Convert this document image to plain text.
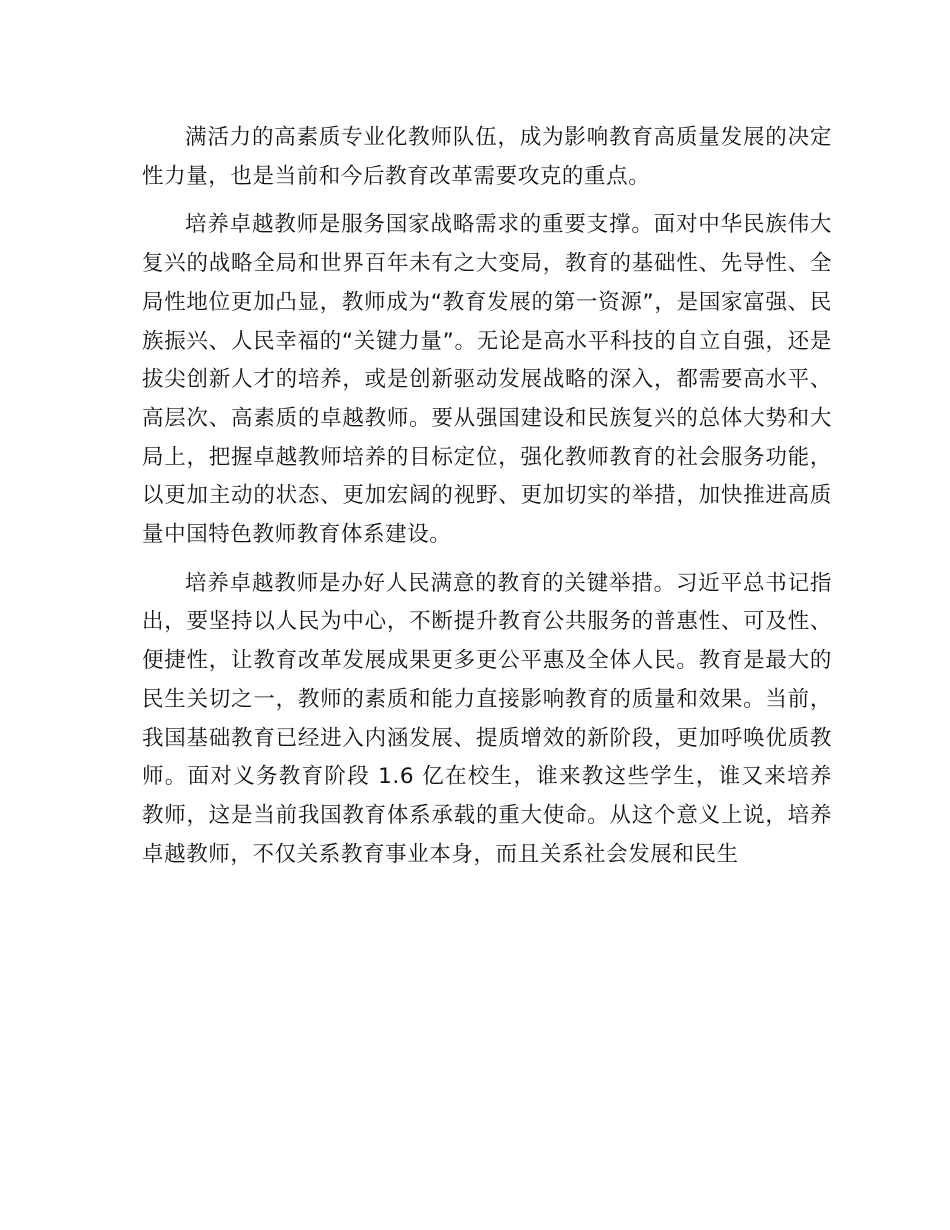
满活力的高素质专业化教师队伍，成为影响教育高质量发展的决定性力量，也是当前和今后教育改革需要攻克的重点。

培养卓越教师是服务国家战略需求的重要支撑。面对中华民族伟大复兴的战略全局和世界百年未有之大变局，教育的基础性、先导性、全局性地位更加凸显，教师成为“教育发展的第一资源”，是国家富强、民族振兴、人民幸福的“关键力量”。无论是高水平科技的自立自强，还是拔尖创新人才的培养，或是创新驱动发展战略的深入，都需要高水平、高层次、高素质的卓越教师。要从强国建设和民族复兴的总体大势和大局上，把握卓越教师培养的目标定位，强化教师教育的社会服务功能，以更加主动的状态、更加宏阔的视野、更加切实的举措，加快推进高质量中国特色教师教育体系建设。

培养卓越教师是办好人民满意的教育的关键举措。习近平总书记指出，要坚持以人民为中心，不断提升教育公共服务的普惠性、可及性、便捷性，让教育改革发展成果更多更公平惠及全体人民。教育是最大的民生关切之一，教师的素质和能力直接影响教育的质量和效果。当前，我国基础教育已经进入内涵发展、提质增效的新阶段，更加呼唤优质教师。面对义务教育阶段 1.6 亿在校生，谁来教这些学生，谁又来培养教师，这是当前我国教育体系承载的重大使命。从这个意义上说，培养卓越教师，不仅关系教育事业本身，而且关系社会发展和民生
